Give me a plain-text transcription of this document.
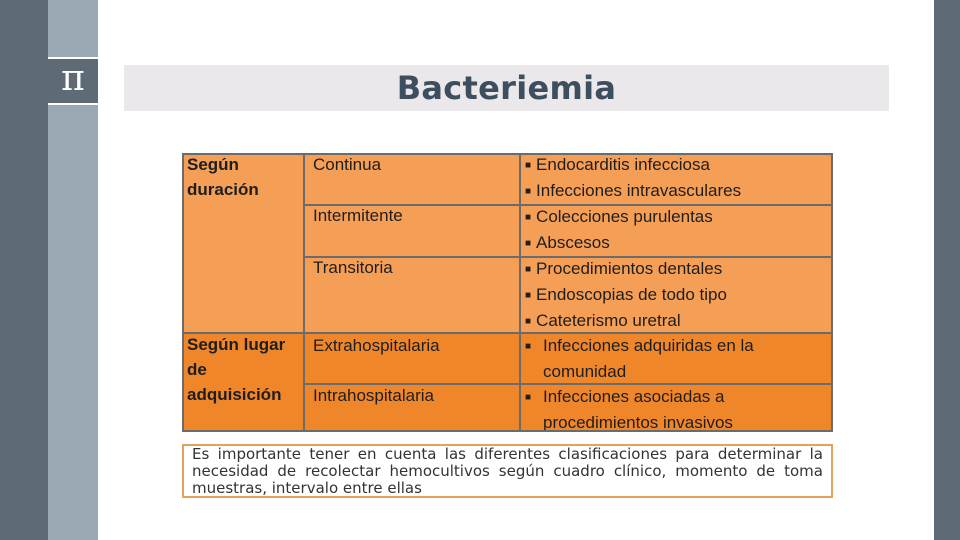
π	Bacteriemia
Según duración
Según lugar de adquisición
Continua
Intermitente
Transitoria
Extrahospitalaria
Intrahospitalaria
■ Endocarditis infecciosa
■ Infecciones intravasculares
■ Colecciones purulentas
■ Abscesos
■ Procedimientos dentales
■ Endoscopias de todo tipo
■ Cateterismo uretral
■ Infecciones adquiridas en la comunidad
■ Infecciones asociadas a procedimientos invasivos
Es importante tener en cuenta las diferentes clasificaciones para determinar la necesidad de recolectar hemocultivos según cuadro clínico, momento de toma muestras, intervalo entre ellas
